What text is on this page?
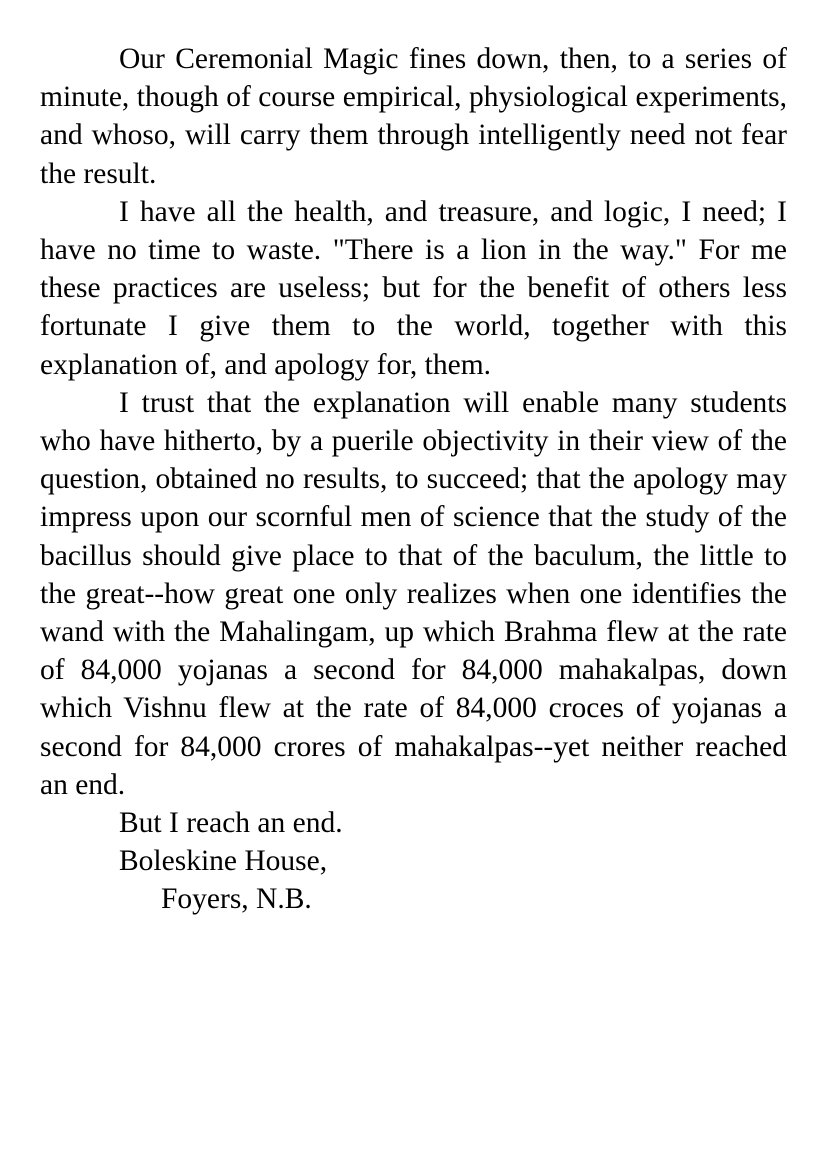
Our Ceremonial Magic fines down, then, to a series of minute, though of course empirical, physiological experiments, and whoso, will carry them through intelligently need not fear the result.

I have all the health, and treasure, and logic, I need; I have no time to waste. "There is a lion in the way." For me these practices are useless; but for the benefit of others less fortunate I give them to the world, together with this explanation of, and apology for, them.

I trust that the explanation will enable many students who have hitherto, by a puerile objectivity in their view of the question, obtained no results, to succeed; that the apology may impress upon our scornful men of science that the study of the bacillus should give place to that of the baculum, the little to the great--how great one only realizes when one identifies the wand with the Mahalingam, up which Brahma flew at the rate of 84,000 yojanas a second for 84,000 mahakalpas, down which Vishnu flew at the rate of 84,000 croces of yojanas a second for 84,000 crores of mahakalpas--yet neither reached an end.

But I reach an end.

Boleskine House,

Foyers, N.B.
